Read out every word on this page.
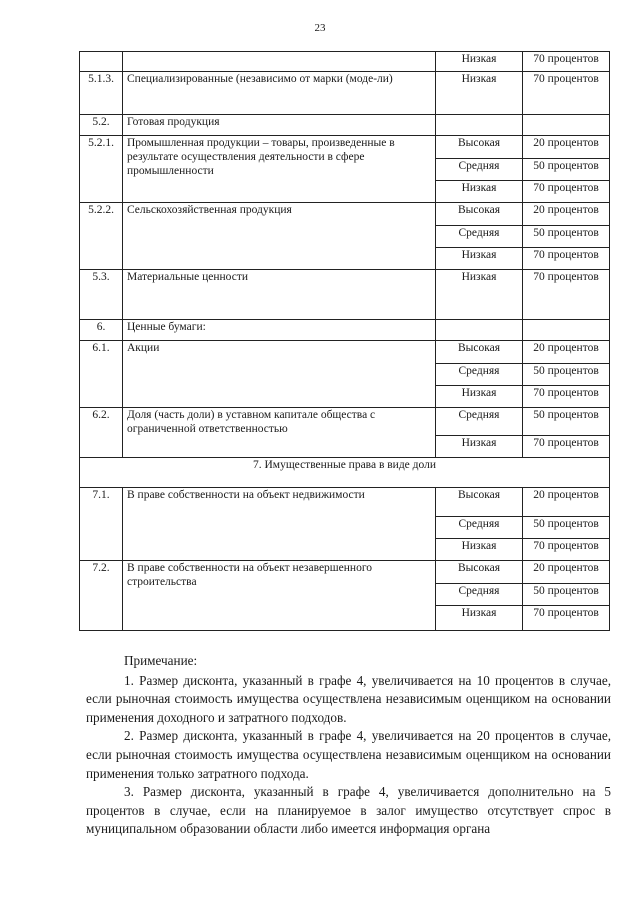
23
		Низкая	70 процентов
5.1.3.	Специализированные (независимо от марки (моде-ли)	Низкая	70 процентов
5.2.	Готовая продукция		
5.2.1.	Промышленная продукции – товары, произведенные в результате осуществления деятельности в сфере промышленности	Высокая	20 процентов
		Средняя	50 процентов
		Низкая	70 процентов
5.2.2.	Сельскохозяйственная продукция	Высокая	20 процентов
		Средняя	50 процентов
		Низкая	70 процентов
5.3.	Материальные ценности	Низкая	70 процентов
6.	Ценные бумаги:		
6.1.	Акции	Высокая	20 процентов
		Средняя	50 процентов
		Низкая	70 процентов
6.2.	Доля (часть доли) в уставном капитале общества с ограниченной ответственностью	Средняя	50 процентов
		Низкая	70 процентов
7. Имущественные права в виде доли			
7.1.	В праве собственности на объект недвижимости	Высокая	20 процентов
		Средняя	50 процентов
		Низкая	70 процентов
7.2.	В праве собственности на объект незавершенного строительства	Высокая	20 процентов
		Средняя	50 процентов
		Низкая	70 процентов

Примечание:

1. Размер дисконта, указанный в графе 4, увеличивается на 10 процентов в случае, если рыночная стоимость имущества осуществлена независимым оценщиком на основании применения доходного и затратного подходов.

2. Размер дисконта, указанный в графе 4, увеличивается на 20 процентов в случае, если рыночная стоимость имущества осуществлена независимым оценщиком на основании применения только затратного подхода.

3. Размер дисконта, указанный в графе 4, увеличивается дополнительно на 5 процентов в случае, если на планируемое в залог имущество отсутствует спрос в муниципальном образовании области либо имеется информация органа
